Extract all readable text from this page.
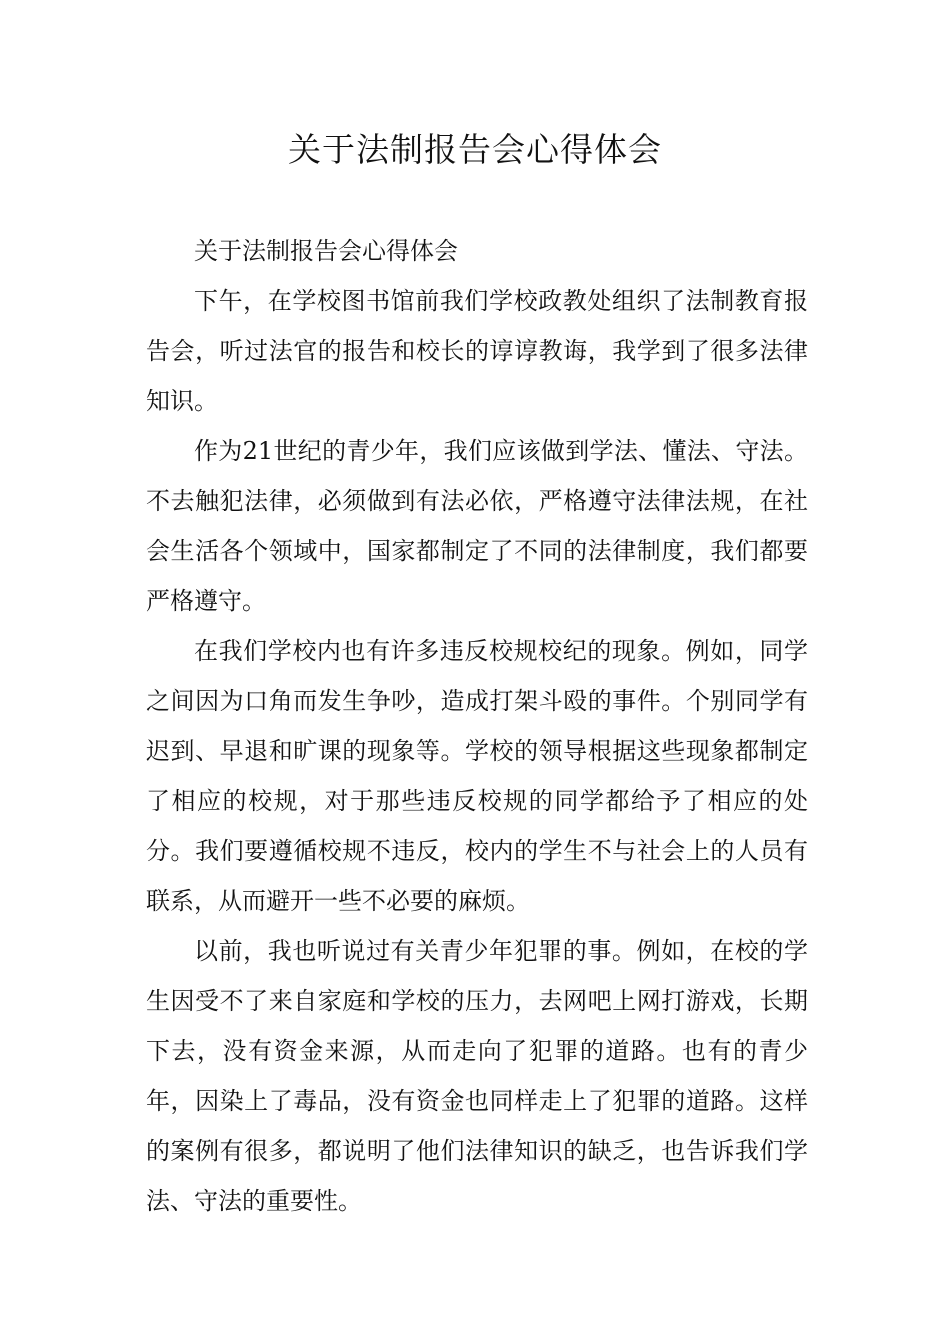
关于法制报告会心得体会

关于法制报告会心得体会

下午，在学校图书馆前我们学校政教处组织了法制教育报告会，听过法官的报告和校长的谆谆教诲，我学到了很多法律知识。

作为21世纪的青少年，我们应该做到学法、懂法、守法。不去触犯法律，必须做到有法必依，严格遵守法律法规，在社会生活各个领域中，国家都制定了不同的法律制度，我们都要严格遵守。

在我们学校内也有许多违反校规校纪的现象。例如，同学之间因为口角而发生争吵，造成打架斗殴的事件。个别同学有迟到、早退和旷课的现象等。学校的领导根据这些现象都制定了相应的校规，对于那些违反校规的同学都给予了相应的处分。我们要遵循校规不违反，校内的学生不与社会上的人员有联系，从而避开一些不必要的麻烦。

以前，我也听说过有关青少年犯罪的事。例如，在校的学生因受不了来自家庭和学校的压力，去网吧上网打游戏，长期下去，没有资金来源，从而走向了犯罪的道路。也有的青少年，因染上了毒品，没有资金也同样走上了犯罪的道路。这样的案例有很多，都说明了他们法律知识的缺乏，也告诉我们学法、守法的重要性。
